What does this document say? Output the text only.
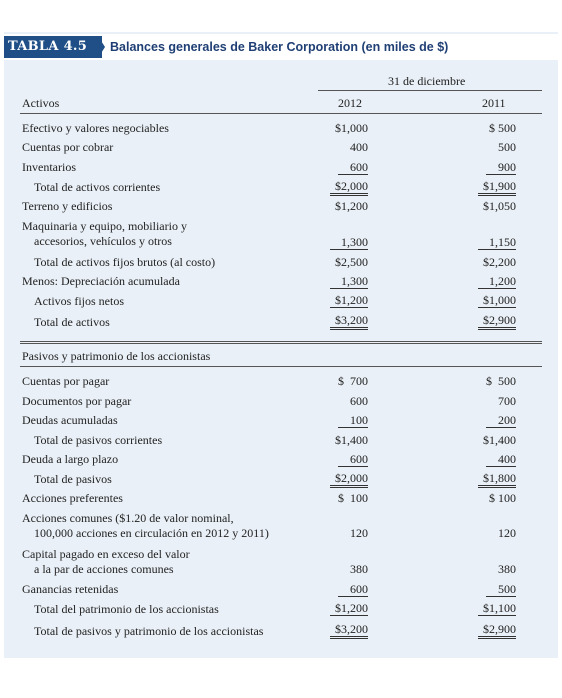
TABLA 4.5	Balances generales de Baker Corporation (en miles de $)
31 de diciembre
Activos	2012	2011
Efectivo y valores negociables	$1,000	$ 500
Cuentas por cobrar	400	500
Inventarios	600	900
Total de activos corrientes	$2,000	$1,900
Terreno y edificios	$1,200	$1,050
Maquinaria y equipo, mobiliario y
accesorios, vehículos y otros	1,300	1,150
Total de activos fijos brutos (al costo)	$2,500	$2,200
Menos: Depreciación acumulada	1,300	1,200
Activos fijos netos	$1,200	$1,000
Total de activos	$3,200	$2,900
Pasivos y patrimonio de los accionistas
Cuentas por pagar	$  700	$  500
Documentos por pagar	600	700
Deudas acumuladas	100	200
Total de pasivos corrientes	$1,400	$1,400
Deuda a largo plazo	600	400
Total de pasivos	$2,000	$1,800
Acciones preferentes	$  100	$ 100
Acciones comunes ($1.20 de valor nominal,
100,000 acciones en circulación en 2012 y 2011)	120	120
Capital pagado en exceso del valor
a la par de acciones comunes	380	380
Ganancias retenidas	600	500
Total del patrimonio de los accionistas	$1,200	$1,100
Total de pasivos y patrimonio de los accionistas	$3,200	$2,900
